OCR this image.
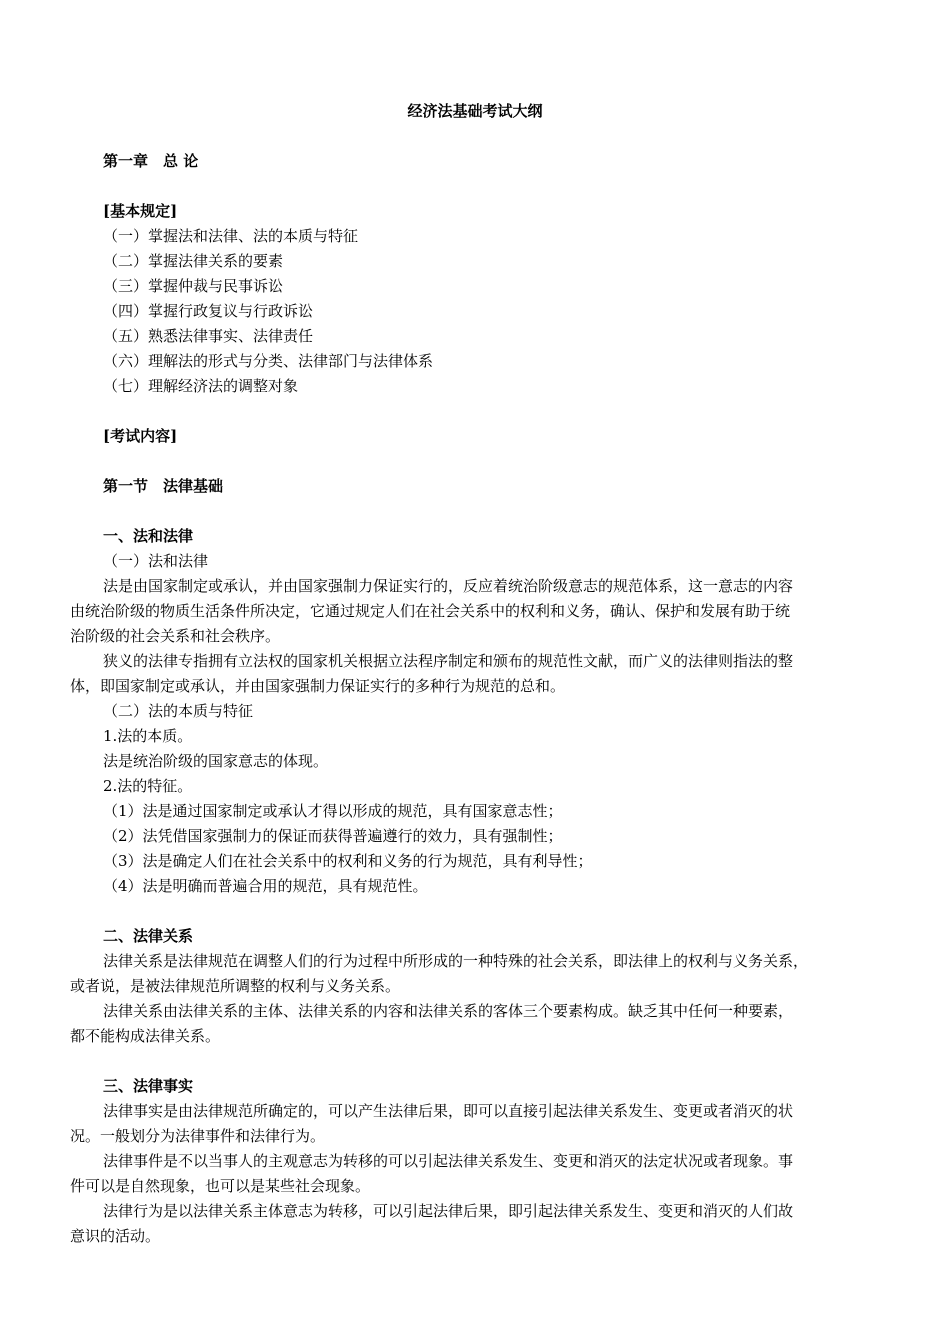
经济法基础考试大纲
第一章　总 论
[基本规定]
（一）掌握法和法律、法的本质与特征
（二）掌握法律关系的要素
（三）掌握仲裁与民事诉讼
（四）掌握行政复议与行政诉讼
（五）熟悉法律事实、法律责任
（六）理解法的形式与分类、法律部门与法律体系
（七）理解经济法的调整对象
[考试内容]
第一节　法律基础
一、法和法律
（一）法和法律
法是由国家制定或承认，并由国家强制力保证实行的，反应着统治阶级意志的规范体系，这一意志的内容
由统治阶级的物质生活条件所决定，它通过规定人们在社会关系中的权利和义务，确认、保护和发展有助于统
治阶级的社会关系和社会秩序。
狭义的法律专指拥有立法权的国家机关根据立法程序制定和颁布的规范性文献，而广义的法律则指法的整
体，即国家制定或承认，并由国家强制力保证实行的多种行为规范的总和。
（二）法的本质与特征
1.法的本质。
法是统治阶级的国家意志的体现。
2.法的特征。
（1）法是通过国家制定或承认才得以形成的规范，具有国家意志性；
（2）法凭借国家强制力的保证而获得普遍遵行的效力，具有强制性；
（3）法是确定人们在社会关系中的权利和义务的行为规范，具有利导性；
（4）法是明确而普遍合用的规范，具有规范性。
二、法律关系
法律关系是法律规范在调整人们的行为过程中所形成的一种特殊的社会关系，即法律上的权利与义务关系，
或者说，是被法律规范所调整的权利与义务关系。
法律关系由法律关系的主体、法律关系的内容和法律关系的客体三个要素构成。缺乏其中任何一种要素，
都不能构成法律关系。
三、法律事实
法律事实是由法律规范所确定的，可以产生法律后果，即可以直接引起法律关系发生、变更或者消灭的状
况。一般划分为法律事件和法律行为。
法律事件是不以当事人的主观意志为转移的可以引起法律关系发生、变更和消灭的法定状况或者现象。事
件可以是自然现象，也可以是某些社会现象。
法律行为是以法律关系主体意志为转移，可以引起法律后果，即引起法律关系发生、变更和消灭的人们故
意识的活动。
